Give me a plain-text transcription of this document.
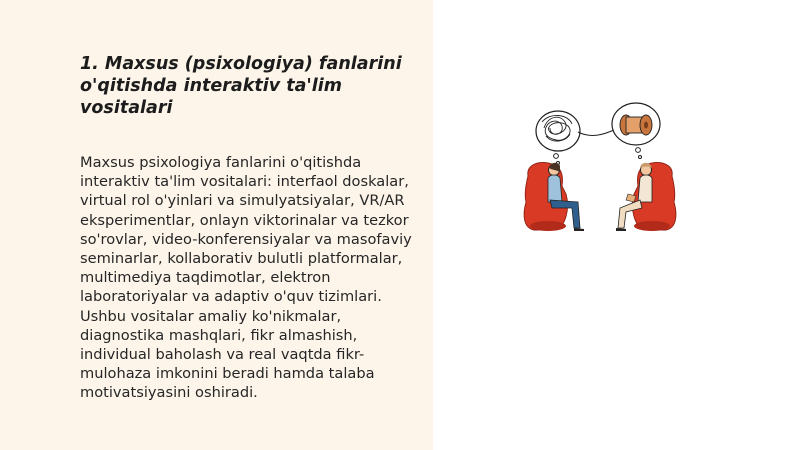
1. Maxsus (psixologiya) fanlarini o'qitishda interaktiv ta'lim vositalari
Maxsus psixologiya fanlarini o'qitishda
interaktiv ta'lim vositalari: interfaol doskalar,
virtual rol o'yinlari va simulyatsiyalar, VR/AR
eksperimentlar, onlayn viktorinalar va tezkor
so'rovlar, video-konferensiyalar va masofaviy
seminarlar, kollaborativ bulutli platformalar,
multimediya taqdimotlar, elektron
laboratoriyalar va adaptiv o'quv tizimlari.
Ushbu vositalar amaliy ko'nikmalar,
diagnostika mashqlari, fikr almashish,
individual baholash va real vaqtda fikr-
mulohaza imkonini beradi hamda talaba
motivatsiyasini oshiradi.
